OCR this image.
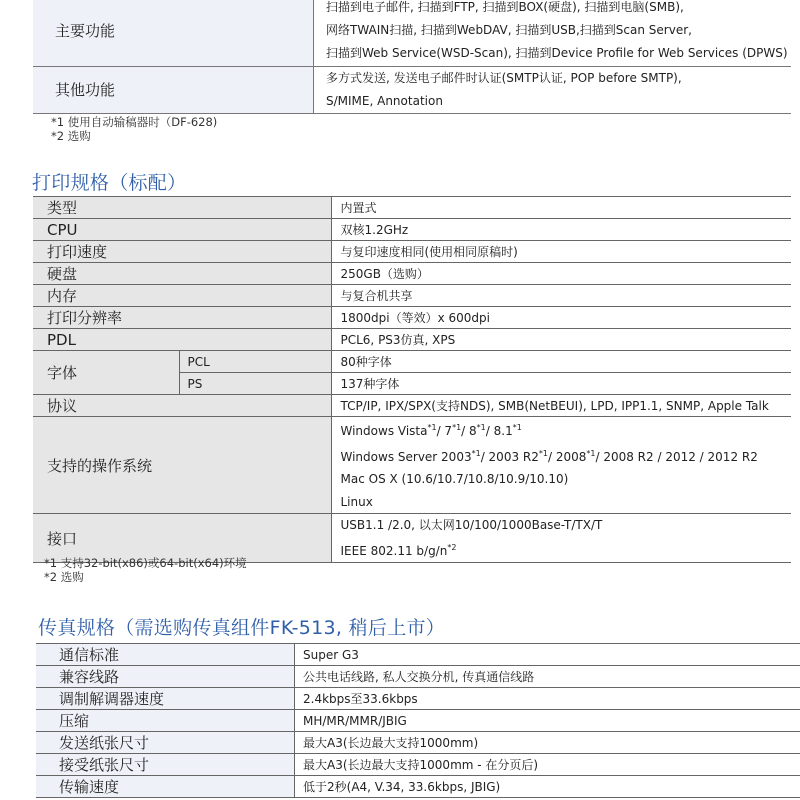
主要功能	扫描到电子邮件, 扫描到FTP, 扫描到BOX(硬盘), 扫描到电脑(SMB),
网络TWAIN扫描, 扫描到WebDAV, 扫描到USB,扫描到Scan Server,
扫描到Web Service(WSD-Scan), 扫描到Device Profile for Web Services (DPWS)

其他功能	多方式发送, 发送电子邮件时认证(SMTP认证, POP before SMTP),
S/MIME, Annotation
*1 使用自动输稿器时（DF-628)
*2 选购
打印规格（标配）
类型		内置式
CPU		双核1.2GHz
打印速度		与复印速度相同(使用相同原稿时)
硬盘		250GB（选购）
内存		与复合机共享
打印分辨率		1800dpi（等效）x 600dpi
PDL		PCL6, PS3仿真, XPS
字体	PCL	80种字体
	PS	137种字体
协议		TCP/IP, IPX/SPX(支持NDS), SMB(NetBEUI), LPD, IPP1.1, SNMP, Apple Talk
支持的操作系统		Windows Vista$^{*1}$/ 7$^{*1}$/ 8$^{*1}$/ 8.1$^{*1}$
Windows Server 2003$^{*1}$/ 2003 R2$^{*1}$/ 2008$^{*1}$/ 2008 R2 / 2012 / 2012 R2
Mac OS X (10.6/10.7/10.8/10.9/10.10)
Linux

接口		USB1.1 /2.0, 以太网10/100/1000Base-T/TX/T
IEEE 802.11 $b/g/n^{*2}$
*1 支持32-bit(x86)或64-bit(x64)环境
*2 选购
传真规格（需选购传真组件FK-513, 稍后上市）
通信标准	Super G3
兼容线路	公共电话线路, 私人交换分机, 传真通信线路
调制解调器速度	2.4kbps至33.6kbps
压缩	MH/MR/MMR/JBIG
发送纸张尺寸	最大A3(长边最大支持1000mm)
接受纸张尺寸	最大A3(长边最大支持1000mm - 在分页后)
传输速度	低于2秒(A4, V.34, 33.6kbps, JBIG)
